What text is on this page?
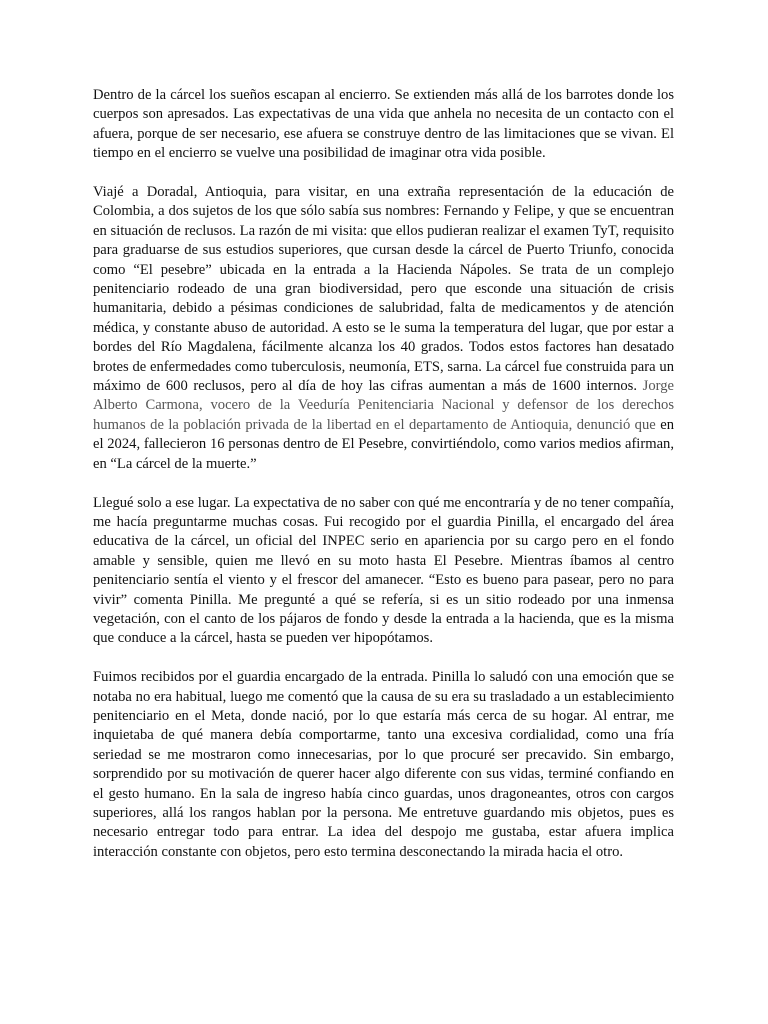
Dentro de la cárcel los sueños escapan al encierro. Se extienden más allá de los barrotes donde los cuerpos son apresados. Las expectativas de una vida que anhela no necesita de un contacto con el afuera, porque de ser necesario, ese afuera se construye dentro de las limitaciones que se vivan. El tiempo en el encierro se vuelve una posibilidad de imaginar otra vida posible.

Viajé a Doradal, Antioquia, para visitar, en una extraña representación de la educación de Colombia, a dos sujetos de los que sólo sabía sus nombres: Fernando y Felipe, y que se encuentran en situación de reclusos. La razón de mi visita: que ellos pudieran realizar el examen TyT, requisito para graduarse de sus estudios superiores, que cursan desde la cárcel de Puerto Triunfo, conocida como “El pesebre” ubicada en la entrada a la Hacienda Nápoles. Se trata de un complejo penitenciario rodeado de una gran biodiversidad, pero que esconde una situación de crisis humanitaria, debido a pésimas condiciones de salubridad, falta de medicamentos y de atención médica, y constante abuso de autoridad. A esto se le suma la temperatura del lugar, que por estar a bordes del Río Magdalena, fácilmente alcanza los 40 grados. Todos estos factores han desatado brotes de enfermedades como tuberculosis, neumonía, ETS, sarna. La cárcel fue construida para un máximo de 600 reclusos, pero al día de hoy las cifras aumentan a más de 1600 internos. Jorge Alberto Carmona, vocero de la Veeduría Penitenciaria Nacional y defensor de los derechos humanos de la población privada de la libertad en el departamento de Antioquia, denunció que en el 2024, fallecieron 16 personas dentro de El Pesebre, convirtiéndolo, como varios medios afirman, en “La cárcel de la muerte.”

Llegué solo a ese lugar. La expectativa de no saber con qué me encontraría y de no tener compañía, me hacía preguntarme muchas cosas. Fui recogido por el guardia Pinilla, el encargado del área educativa de la cárcel, un oficial del INPEC serio en apariencia por su cargo pero en el fondo amable y sensible, quien me llevó en su moto hasta El Pesebre. Mientras íbamos al centro penitenciario sentía el viento y el frescor del amanecer. “Esto es bueno para pasear, pero no para vivir” comenta Pinilla. Me pregunté a qué se refería, si es un sitio rodeado por una inmensa vegetación, con el canto de los pájaros de fondo y desde la entrada a la hacienda, que es la misma que conduce a la cárcel, hasta se pueden ver hipopótamos.

Fuimos recibidos por el guardia encargado de la entrada. Pinilla lo saludó con una emoción que se notaba no era habitual, luego me comentó que la causa de su era su trasladado a un establecimiento penitenciario en el Meta, donde nació, por lo que estaría más cerca de su hogar. Al entrar, me inquietaba de qué manera debía comportarme, tanto una excesiva cordialidad, como una fría seriedad se me mostraron como innecesarias, por lo que procuré ser precavido. Sin embargo, sorprendido por su motivación de querer hacer algo diferente con sus vidas, terminé confiando en el gesto humano. En la sala de ingreso había cinco guardas, unos dragoneantes, otros con cargos superiores, allá los rangos hablan por la persona. Me entretuve guardando mis objetos, pues es necesario entregar todo para entrar. La idea del despojo me gustaba, estar afuera implica interacción constante con objetos, pero esto termina desconectando la mirada hacia el otro.
